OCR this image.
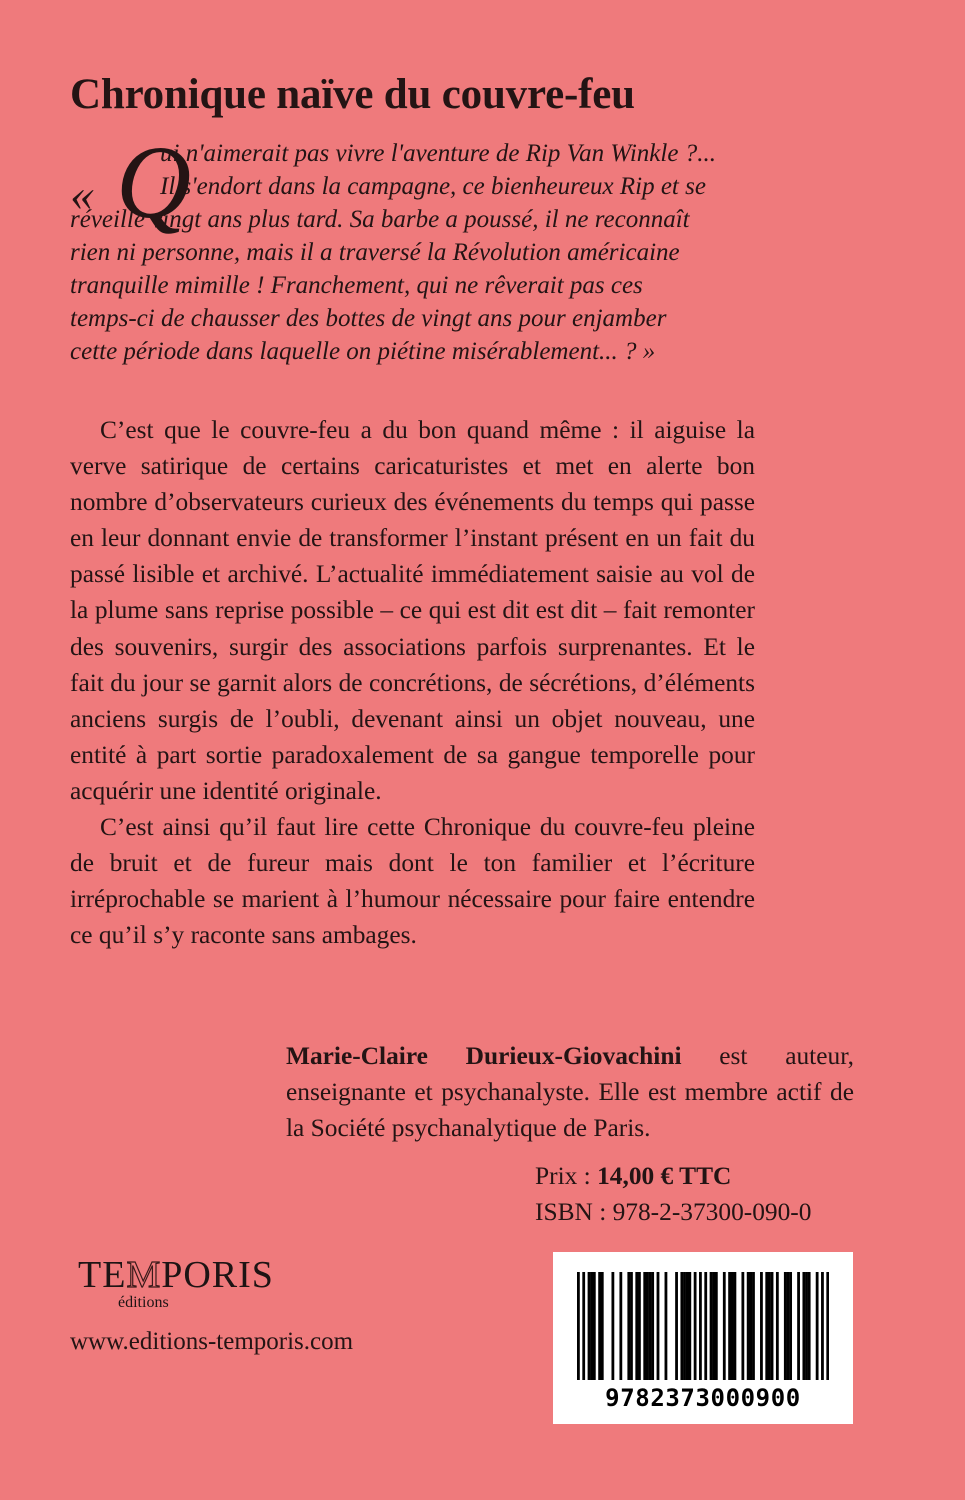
Chronique naïve du couvre-feu
« Q
ui n'aimerait pas vivre l'aventure de Rip Van Winkle ?...
Il s'endort dans la campagne, ce bienheureux Rip et se
réveille vingt ans plus tard. Sa barbe a poussé, il ne reconnaît
rien ni personne, mais il a traversé la Révolution américaine
tranquille mimille ! Franchement, qui ne rêverait pas ces
temps-ci de chausser des bottes de vingt ans pour enjamber
cette période dans laquelle on piétine misérablement... ? »

C’est que le couvre-feu a du bon quand même : il aiguise la verve satirique de certains caricaturistes et met en alerte bon nombre d’observateurs curieux des événements du temps qui passe en leur donnant envie de transformer l’instant présent en un fait du passé lisible et archivé. L’actualité immédiatement saisie au vol de la plume sans reprise possible – ce qui est dit est dit – fait remonter des souvenirs, surgir des associations parfois surprenantes. Et le fait du jour se garnit alors de concrétions, de sécrétions, d’éléments anciens surgis de l’oubli, devenant ainsi un objet nouveau, une entité à part sortie paradoxalement de sa gangue temporelle pour acquérir une identité originale.

C’est ainsi qu’il faut lire cette Chronique du couvre-feu pleine de bruit et de fureur mais dont le ton familier et l’écriture irréprochable se marient à l’humour nécessaire pour faire entendre ce qu’il s’y raconte sans ambages.

Marie-Claire Durieux-Giovachini est auteur, enseignante et psychanalyste. Elle est membre actif de la Société psychanalytique de Paris.
Prix : 14,00 € TTC
ISBN : 978-2-37300-090-0
TEMPORIS
éditions
www.editions-temporis.com
9782373000900
